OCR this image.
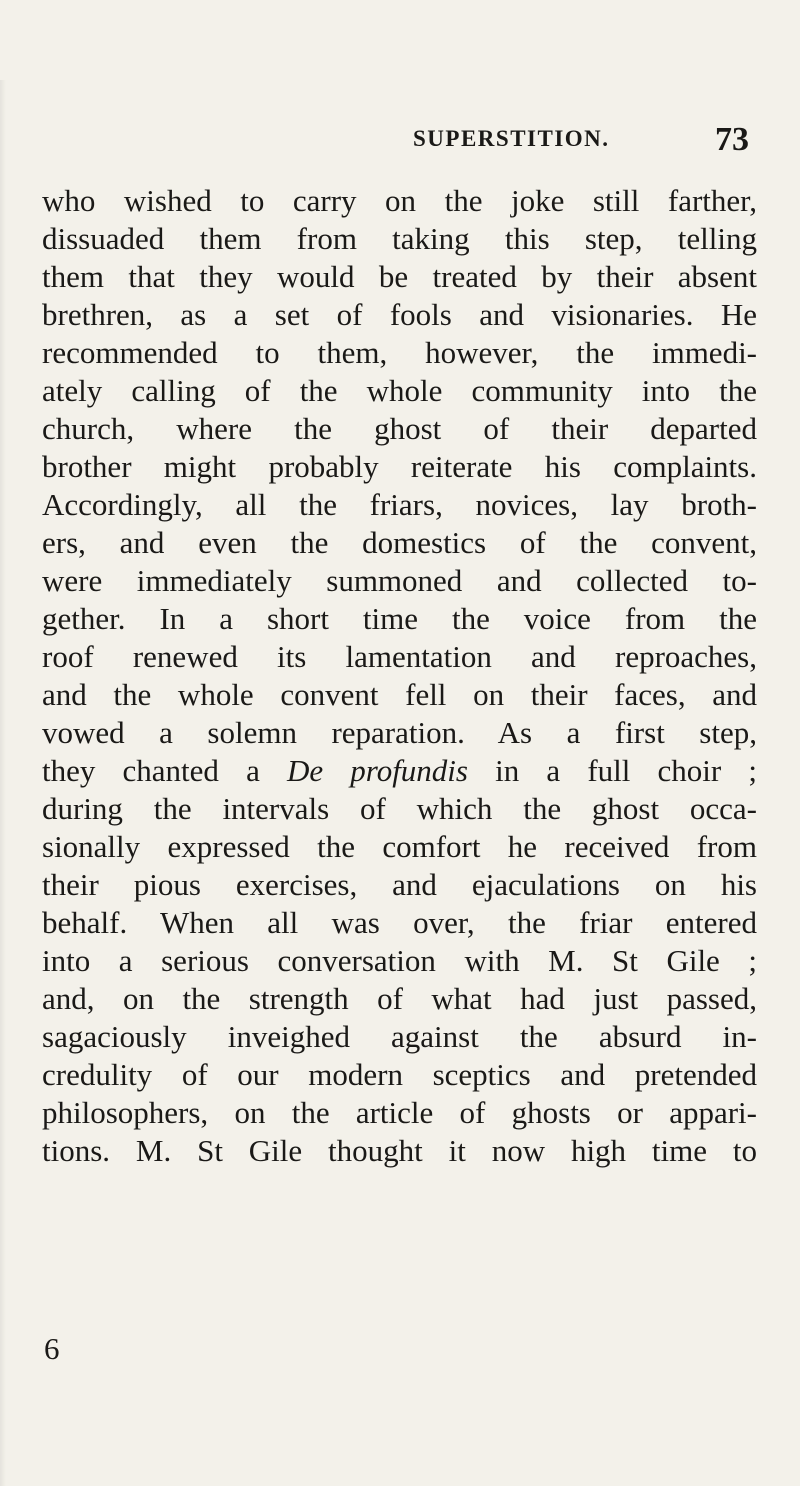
SUPERSTITION.	73
who wished to carry on the joke still farther,
dissuaded them from taking this step, telling
them that they would be treated by their absent
brethren, as a set of fools and visionaries. He
recommended to them, however, the immedi-
ately calling of the whole community into the
church, where the ghost of their departed
brother might probably reiterate his complaints.
Accordingly, all the friars, novices, lay broth-
ers, and even the domestics of the convent,
were immediately summoned and collected to-
gether. In a short time the voice from the
roof renewed its lamentation and reproaches,
and the whole convent fell on their faces, and
vowed a solemn reparation. As a first step,
they chanted a De profundis in a full choir ;
during the intervals of which the ghost occa-
sionally expressed the comfort he received from
their pious exercises, and ejaculations on his
behalf. When all was over, the friar entered
into a serious conversation with M. St Gile ;
and, on the strength of what had just passed,
sagaciously inveighed against the absurd in-
credulity of our modern sceptics and pretended
philosophers, on the article of ghosts or appari-
tions. M. St Gile thought it now high time to
6
